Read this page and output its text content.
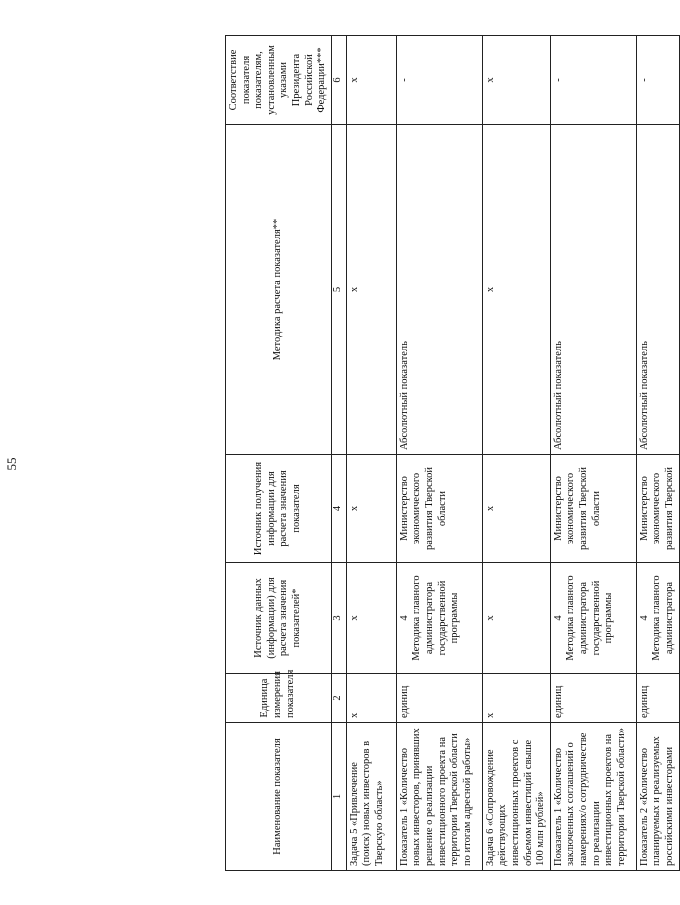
55
Наименование показателя	Единица измерения показателя	Источник данных (информации) для расчета значения показателей*	Источник получения информации для расчета значения показателя	Методика расчета показателя**	Соответствие показателя показателям, установленным указами Президента Российской Федерации***
1	2	3	4	5	6
Задача 5 «Привлечение (поиск) новых инвесторов в Тверскую область»	х	х	х	х	х
Показатель 1 «Количество новых инвесторов, принявших решение о реализации инвестиционного проекта на территории Тверской области по итогам адресной работы»	единиц	4 Методика главного администратора государственной программы	Министерство экономического развития Тверской области	Абсолютный показатель	-
Задача 6 «Сопровождение действующих инвестиционных проектов с объемом инвестиций свыше 100 млн рублей»	х	х	х	х	х
Показатель 1 «Количество заключенных соглашений о намерениях/о сотрудничестве по реализации инвестиционных проектов на территории Тверской области»	единиц	4 Методика главного администратора государственной программы	Министерство экономического развития Тверской области	Абсолютный показатель	-
Показатель 2 «Количество планируемых и реализуемых российскими инвесторами	единиц	4 Методика главного администратора	Министерство экономического развития Тверской	Абсолютный показатель	-
